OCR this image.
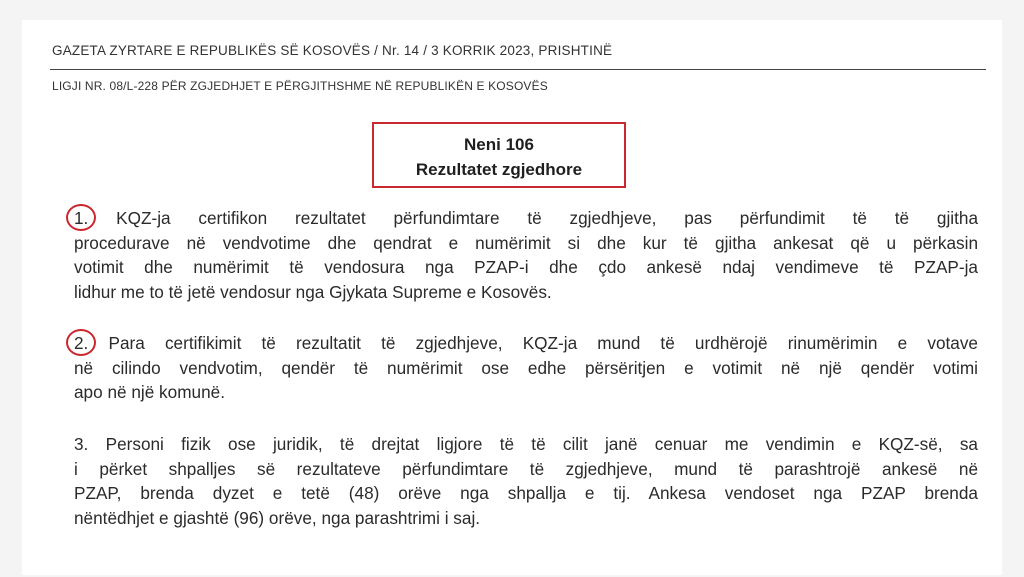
GAZETA ZYRTARE E REPUBLIKËS SË KOSOVËS / Nr. 14 / 3 KORRIK 2023, PRISHTINË
LIGJI NR. 08/L-228 PËR ZGJEDHJET E PËRGJITHSHME NË REPUBLIKËN E KOSOVËS
Neni 106
Rezultatet zgjedhore
1. KQZ-ja certifikon rezultatet përfundimtare të zgjedhjeve, pas përfundimit të të gjitha
procedurave në vendvotime dhe qendrat e numërimit si dhe kur të gjitha ankesat që u përkasin
votimit dhe numërimit të vendosura nga PZAP-i dhe çdo ankesë ndaj vendimeve të PZAP-ja
lidhur me to të jetë vendosur nga Gjykata Supreme e Kosovës.
2. Para certifikimit të rezultatit të zgjedhjeve, KQZ-ja mund të urdhërojë rinumërimin e votave
në cilindo vendvotim, qendër të numërimit ose edhe përsëritjen e votimit në një qendër votimi
apo në një komunë.
3. Personi fizik ose juridik, të drejtat ligjore të të cilit janë cenuar me vendimin e KQZ-së, sa
i përket shpalljes së rezultateve përfundimtare të zgjedhjeve, mund të parashtrojë ankesë në
PZAP, brenda dyzet e tetë (48) orëve nga shpallja e tij. Ankesa vendoset nga PZAP brenda
nëntëdhjet e gjashtë (96) orëve, nga parashtrimi i saj.
